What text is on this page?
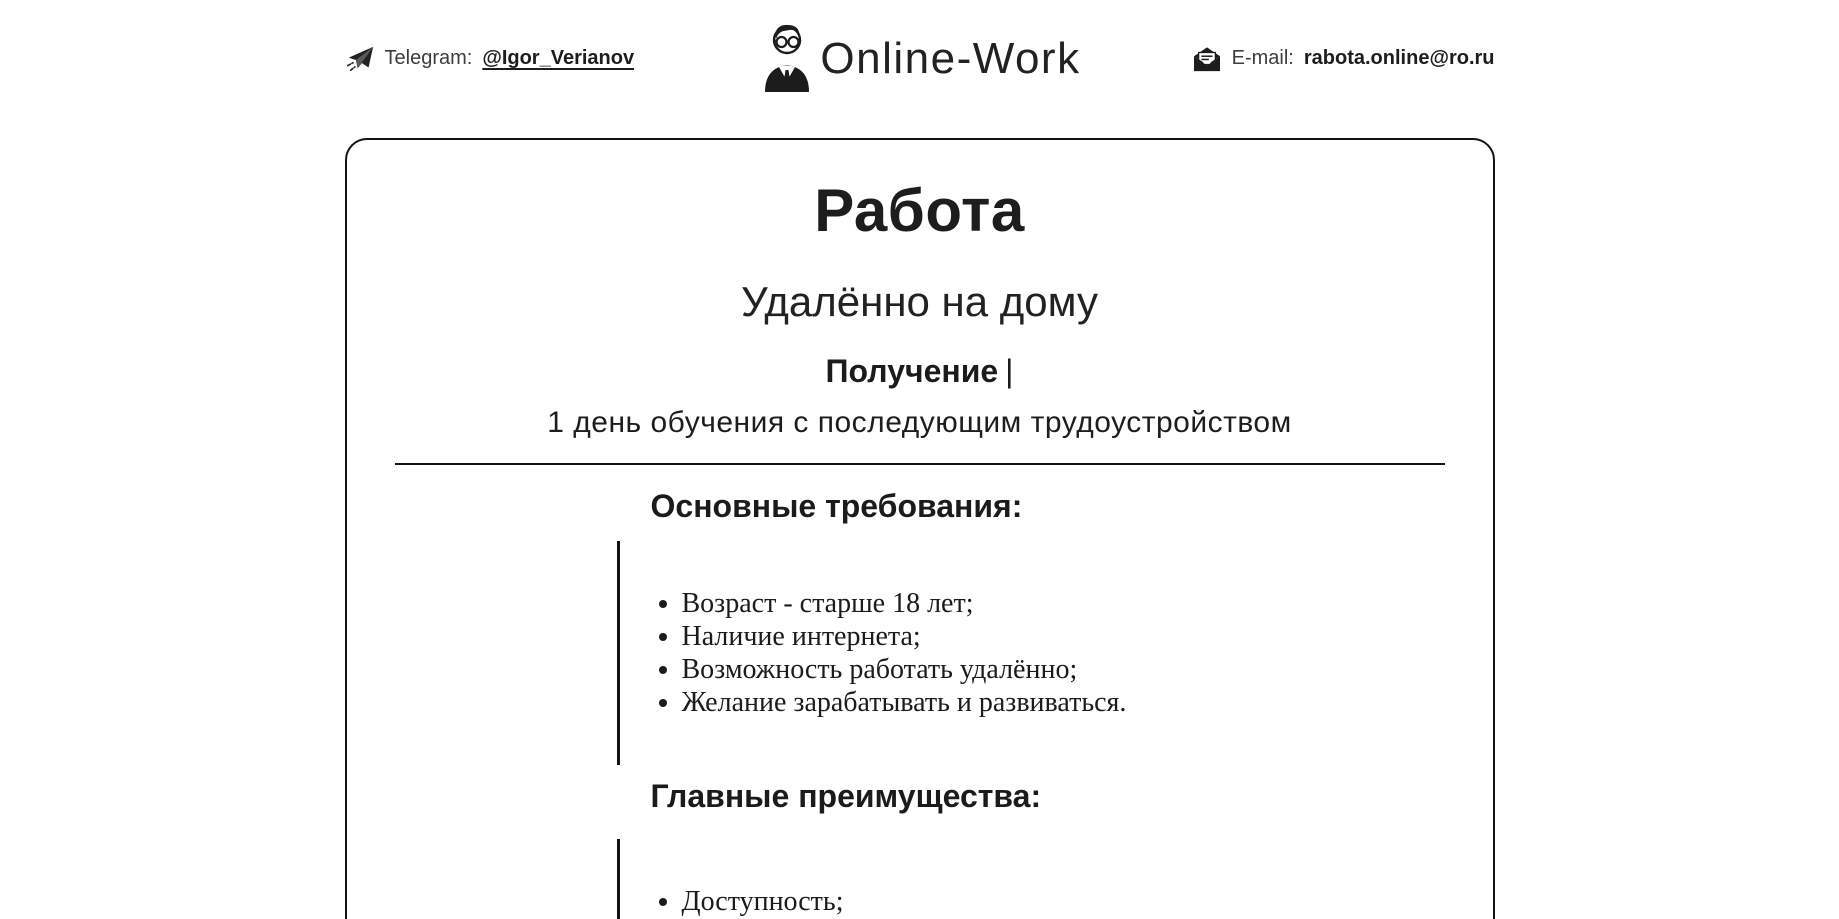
Telegram: @Igor_Verianov	Online-Work	E-mail: rabota.online@ro.ru
Работа
Удалённо на дому
Получение |
1 день обучения с последующим трудоустройством
Основные требования:
• Возраст - старше 18 лет;
• Наличие интернета;
• Возможность работать удалённо;
• Желание зарабатывать и развиваться.
Главные преимущества:
• Доступность;
